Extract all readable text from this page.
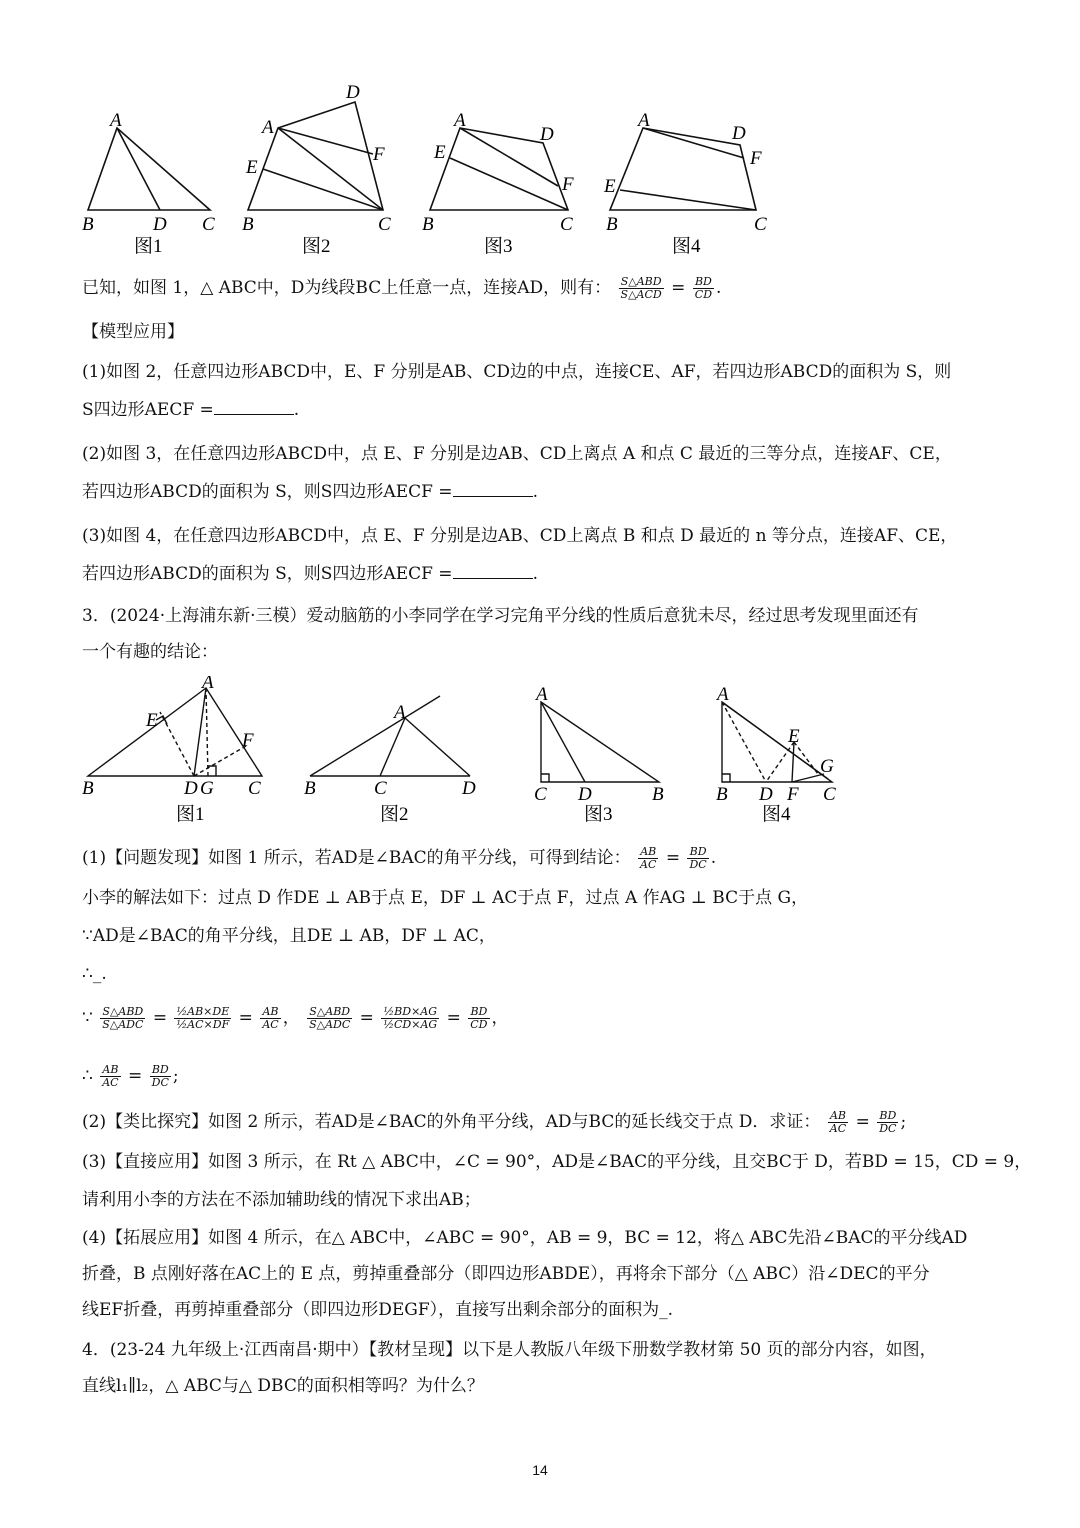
A
B	D C
图1
D
A
E
F
B	C
图2
A
D
E
F
B	C
图3
A
D
F
E
B	C
图4
已知，如图 1，△ ABC中，D为线段BC上任意一点，连接AD，则有： $\frac{\text{S△ABD}}{\text{S△ACD}} = \frac{BD}{CD}$ .
【模型应用】
(1)如图 2，任意四边形ABCD中，E、F 分别是AB、CD边的中点，连接CE、AF，若四边形ABCD的面积为 S，则
S四边形AECF =	.
(2)如图 3，在任意四边形ABCD中，点 E、F 分别是边AB、CD上离点 A 和点 C 最近的三等分点，连接AF、CE，
若四边形ABCD的面积为 S，则S四边形AECF =	.
(3)如图 4，在任意四边形ABCD中，点 E、F 分别是边AB、CD上离点 B 和点 D 最近的 n 等分点，连接AF、CE，
若四边形ABCD的面积为 S，则S四边形AECF =	.
3．(2024·上海浦东新·三模）爱动脑筋的小李同学在学习完角平分线的性质后意犹未尽，经过思考发现里面还有
一个有趣的结论：
A
E
F
B	D G C
图1
A
B	C	D
图2
A
C D	B
图3
A
E
G
B D F C
图4
(1)【问题发现】如图 1 所示，若AD是∠BAC的角平分线，可得到结论： $\frac{AB}{AC} = \frac{BD}{DC}$ .
小李的解法如下：过点 D 作DE ⊥ AB于点 E，DF ⊥ AC于点 F，过点 A 作AG ⊥ BC于点 G，
∵AD是∠BAC的角平分线，且DE ⊥ AB，DF ⊥ AC，
∴_.
∵ $\frac{\text{S△ABD}}{\text{S△ADC}} = \frac{\text{½AB×DE}}{\text{½AC×DF}} = \frac{AB}{AC}$ ， $\frac{\text{S△ABD}}{\text{S△ADC}} = \frac{\text{½BD×AG}}{\text{½CD×AG}} = \frac{BD}{CD}$ ，
∴ $\frac{AB}{AC} = \frac{BD}{DC}$ ;
(2)【类比探究】如图 2 所示，若AD是∠BAC的外角平分线，AD与BC的延长线交于点 D．求证： $\frac{AB}{AC} = \frac{BD}{DC}$ ;
(3)【直接应用】如图 3 所示，在 Rt △ ABC中，∠C = 90°，AD是∠BAC的平分线，且交BC于 D，若BD = 15，CD = 9，
请利用小李的方法在不添加辅助线的情况下求出AB；
(4)【拓展应用】如图 4 所示，在△ ABC中，∠ABC = 90°，AB = 9，BC = 12，将△ ABC先沿∠BAC的平分线AD
折叠，B 点刚好落在AC上的 E 点，剪掉重叠部分（即四边形ABDE），再将余下部分（△ ABC）沿∠DEC的平分
线EF折叠，再剪掉重叠部分（即四边形DEGF），直接写出剩余部分的面积为_.
4．(23-24 九年级上·江西南昌·期中）【教材呈现】以下是人教版八年级下册数学教材第 50 页的部分内容，如图，
直线l₁∥l₂，△ ABC与△ DBC的面积相等吗？为什么？
14
